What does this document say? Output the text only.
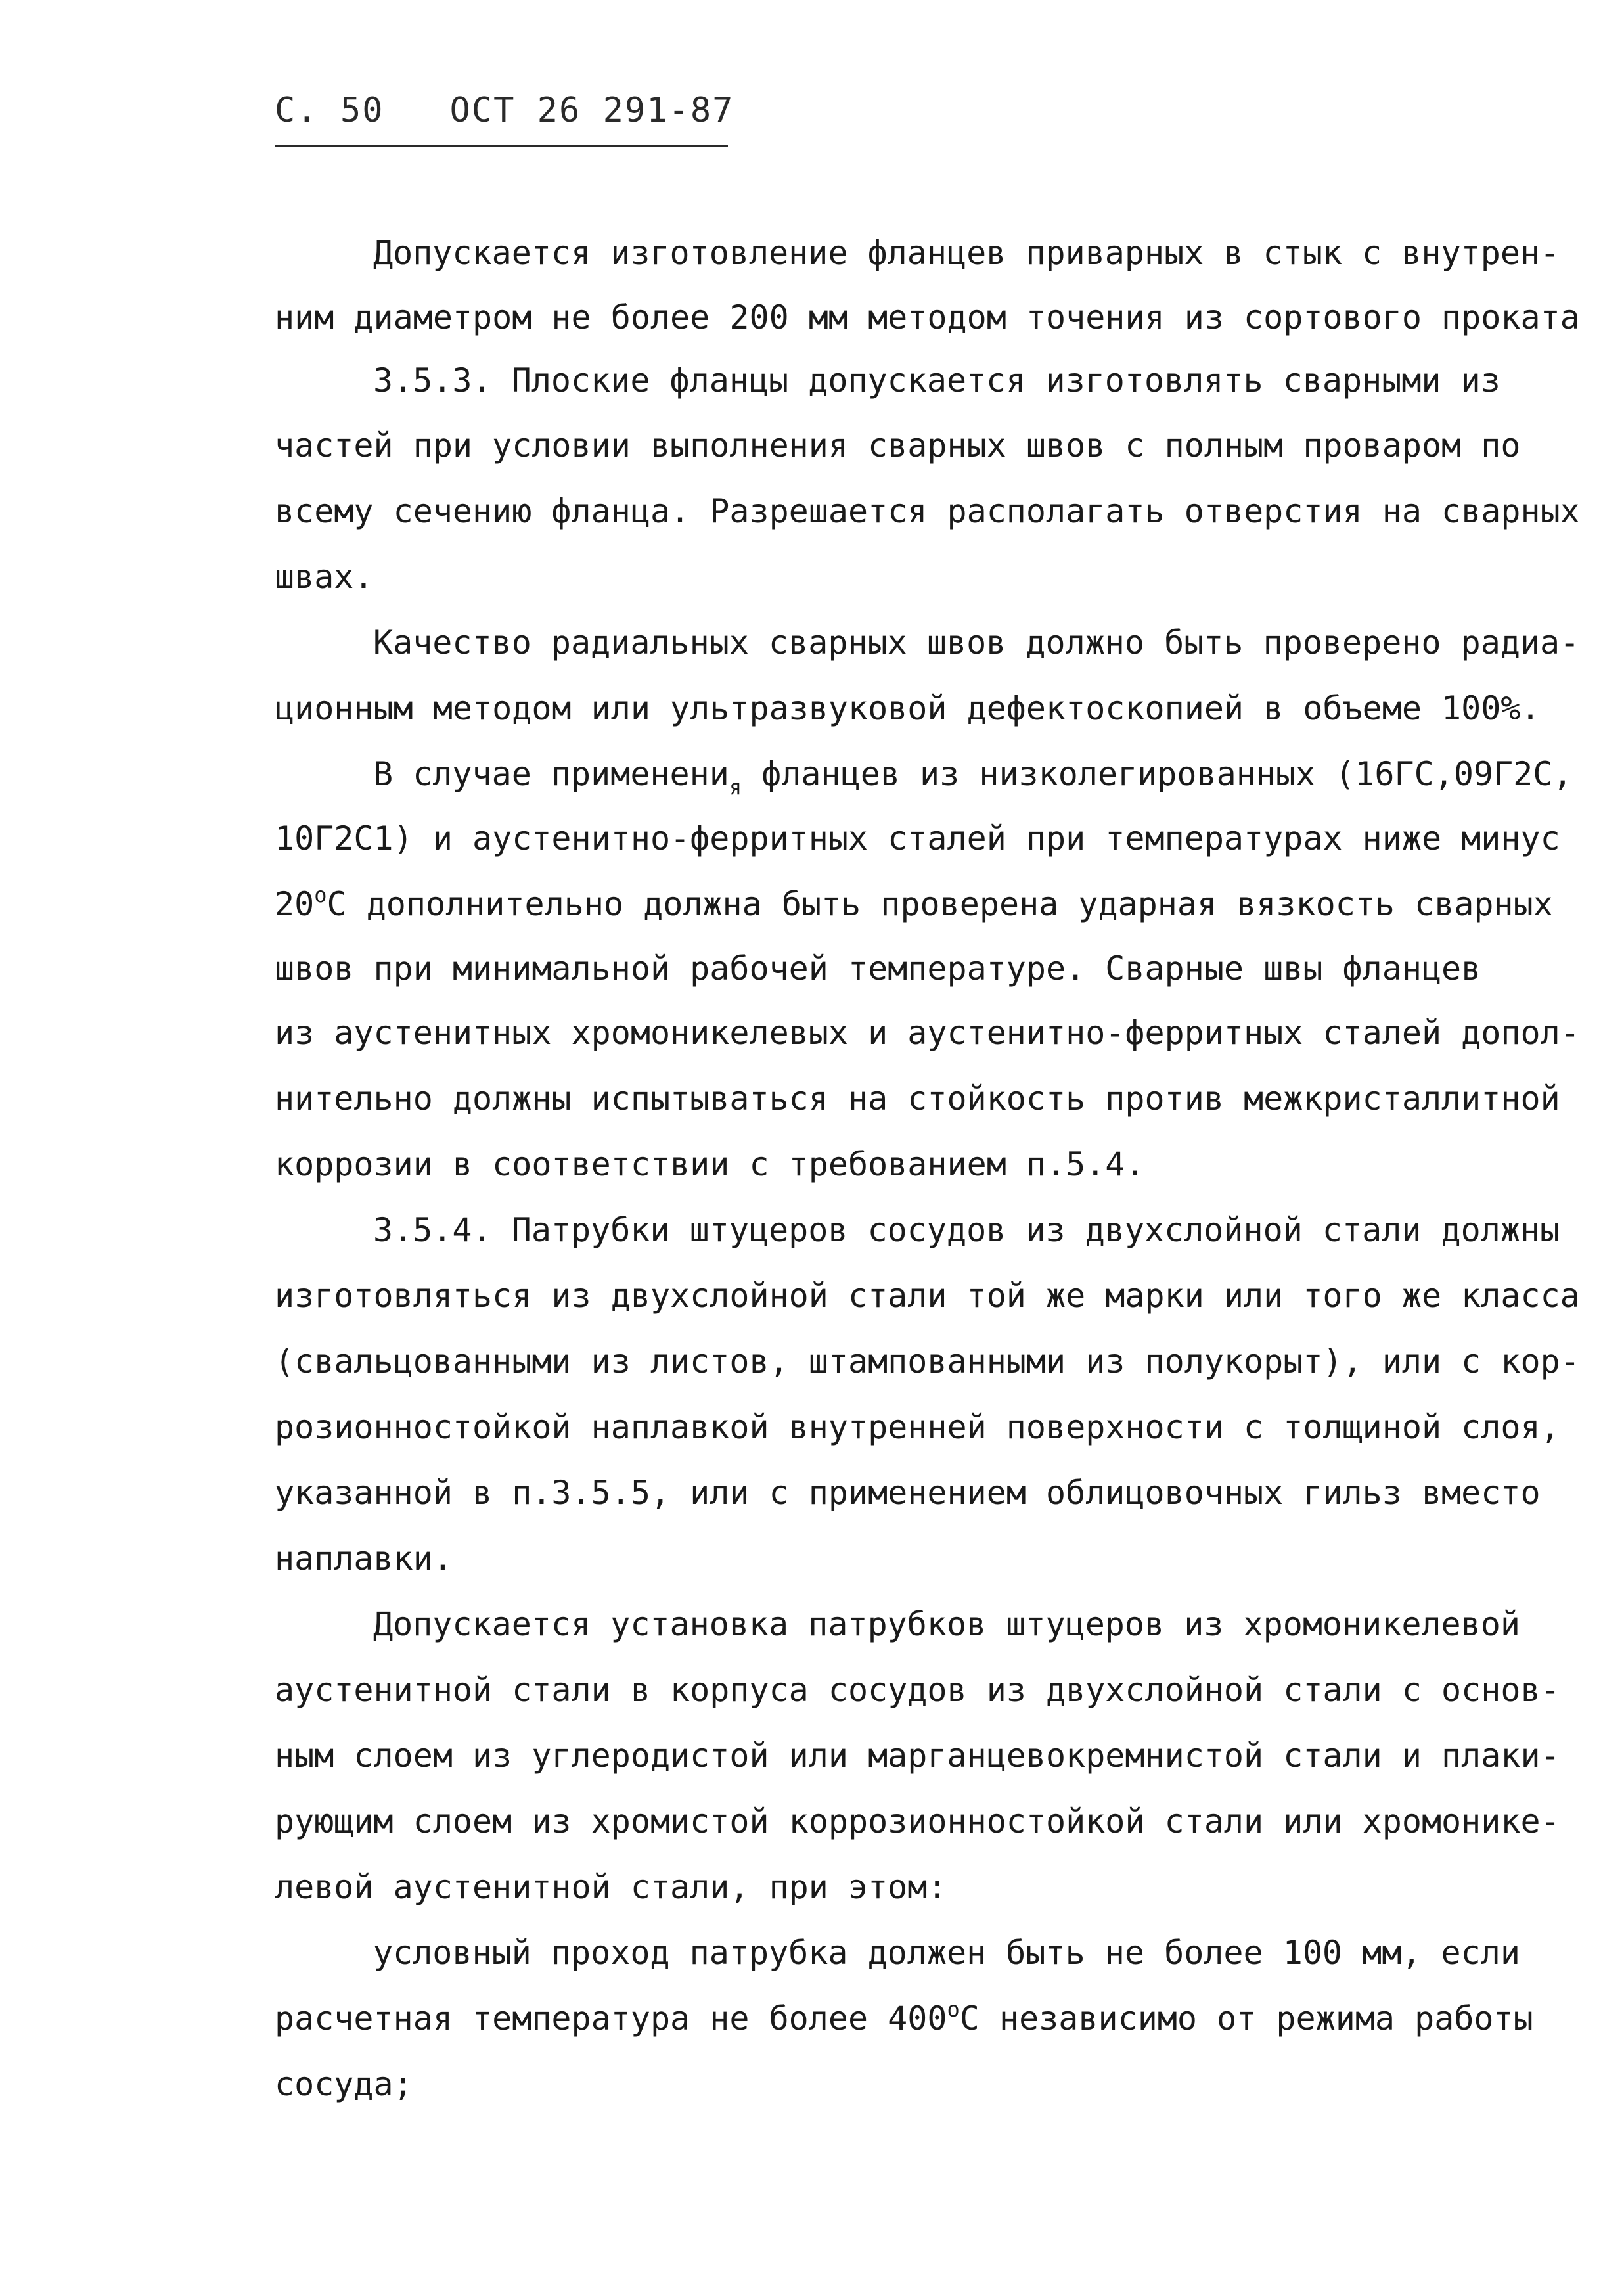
С. 50   ОСТ 26 291-87
Допускается изготовление фланцев приварных в стык с внутрен-
ним диаметром не более 200 мм методом точения из сортового проката
3.5.3. Плоские фланцы допускается изготовлять сварными из
частей при условии выполнения сварных швов с полным проваром по
всему сечению фланца. Разрешается располагать отверстия на сварных
швах.
Качество радиальных сварных швов должно быть проверено радиа-
ционным методом или ультразвуковой дефектоскопией в объеме 100%.
В случае применени$_я$ фланцев из низколегированных (16ГС,09Г2С,
10Г2С1) и аустенитно-ферритных сталей при температурах ниже минус
$20^оС$ дополнительно должна быть проверена ударная вязкость сварных
швов при минимальной рабочей температуре. Сварные швы фланцев
из аустенитных хромоникелевых и аустенитно-ферритных сталей допол-
нительно должны испытываться на стойкость против межкристаллитной
коррозии в соответствии с требованием п.5.4.
3.5.4. Патрубки штуцеров сосудов из двухслойной стали должны
изготовляться из двухслойной стали той же марки или того же класса
(свальцованными из листов, штампованными из полукорыт), или с кор-
розионностойкой наплавкой внутренней поверхности с толщиной слоя,
указанной в п.3.5.5, или с применением облицовочных гильз вместо
наплавки.
Допускается установка патрубков штуцеров из хромоникелевой
аустенитной стали в корпуса сосудов из двухслойной стали с основ-
ным слоем из углеродистой или марганцевокремнистой стали и плаки-
рующим слоем из хромистой коррозионностойкой стали или хромонике-
левой аустенитной стали, при этом:
условный проход патрубка должен быть не более 100 мм, если
расчетная температура не более $400^оС$ независимо от режима работы
сосуда;
